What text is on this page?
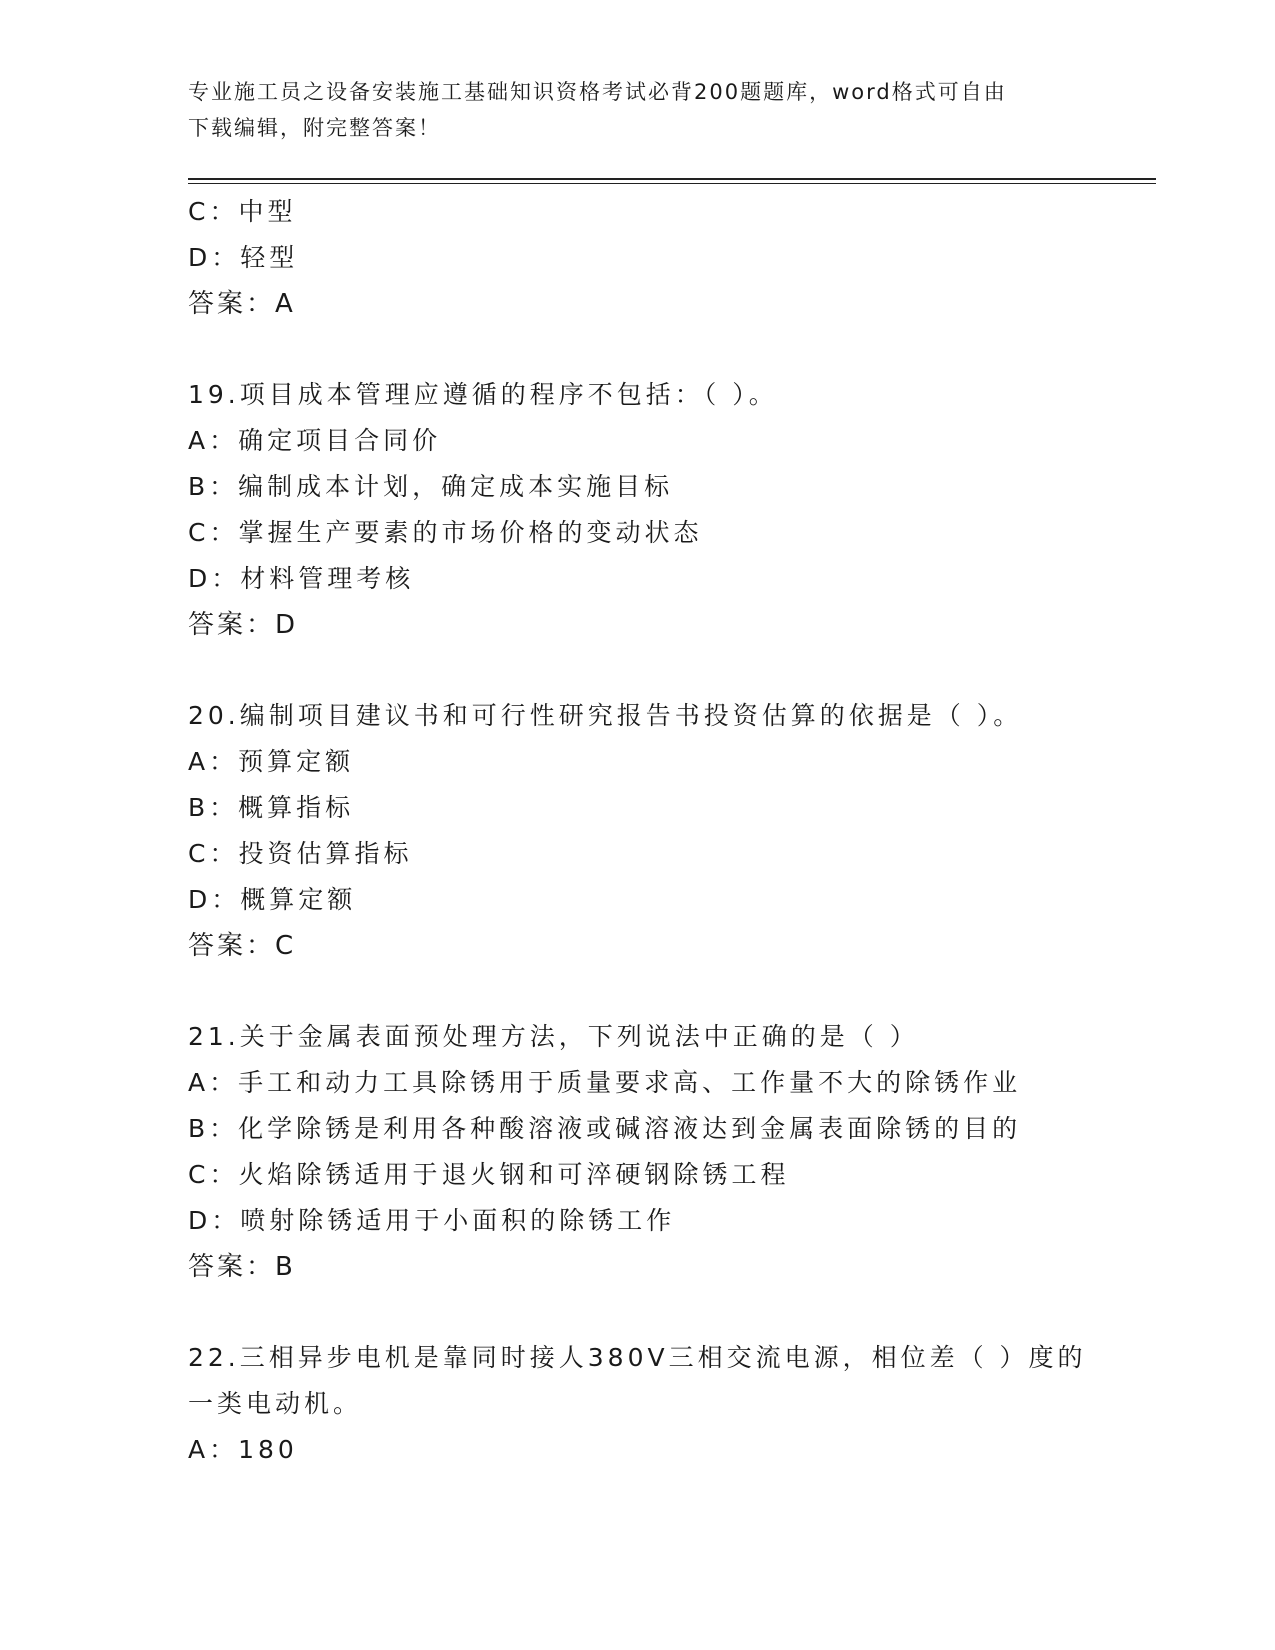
专业施工员之设备安装施工基础知识资格考试必背200题题库，word格式可自由
下载编辑，附完整答案！
C：中型
D：轻型
答案：A
19.项目成本管理应遵循的程序不包括：（ ）。
A：确定项目合同价
B：编制成本计划，确定成本实施目标
C：掌握生产要素的市场价格的变动状态
D：材料管理考核
答案：D
20.编制项目建议书和可行性研究报告书投资估算的依据是（ ）。
A：预算定额
B：概算指标
C：投资估算指标
D：概算定额
答案：C
21.关于金属表面预处理方法，下列说法中正确的是（ ）
A：手工和动力工具除锈用于质量要求高、工作量不大的除锈作业
B：化学除锈是利用各种酸溶液或碱溶液达到金属表面除锈的目的
C：火焰除锈适用于退火钢和可淬硬钢除锈工程
D：喷射除锈适用于小面积的除锈工作
答案：B
22.三相异步电机是靠同时接人380V三相交流电源，相位差（ ）度的
一类电动机。
A：180
